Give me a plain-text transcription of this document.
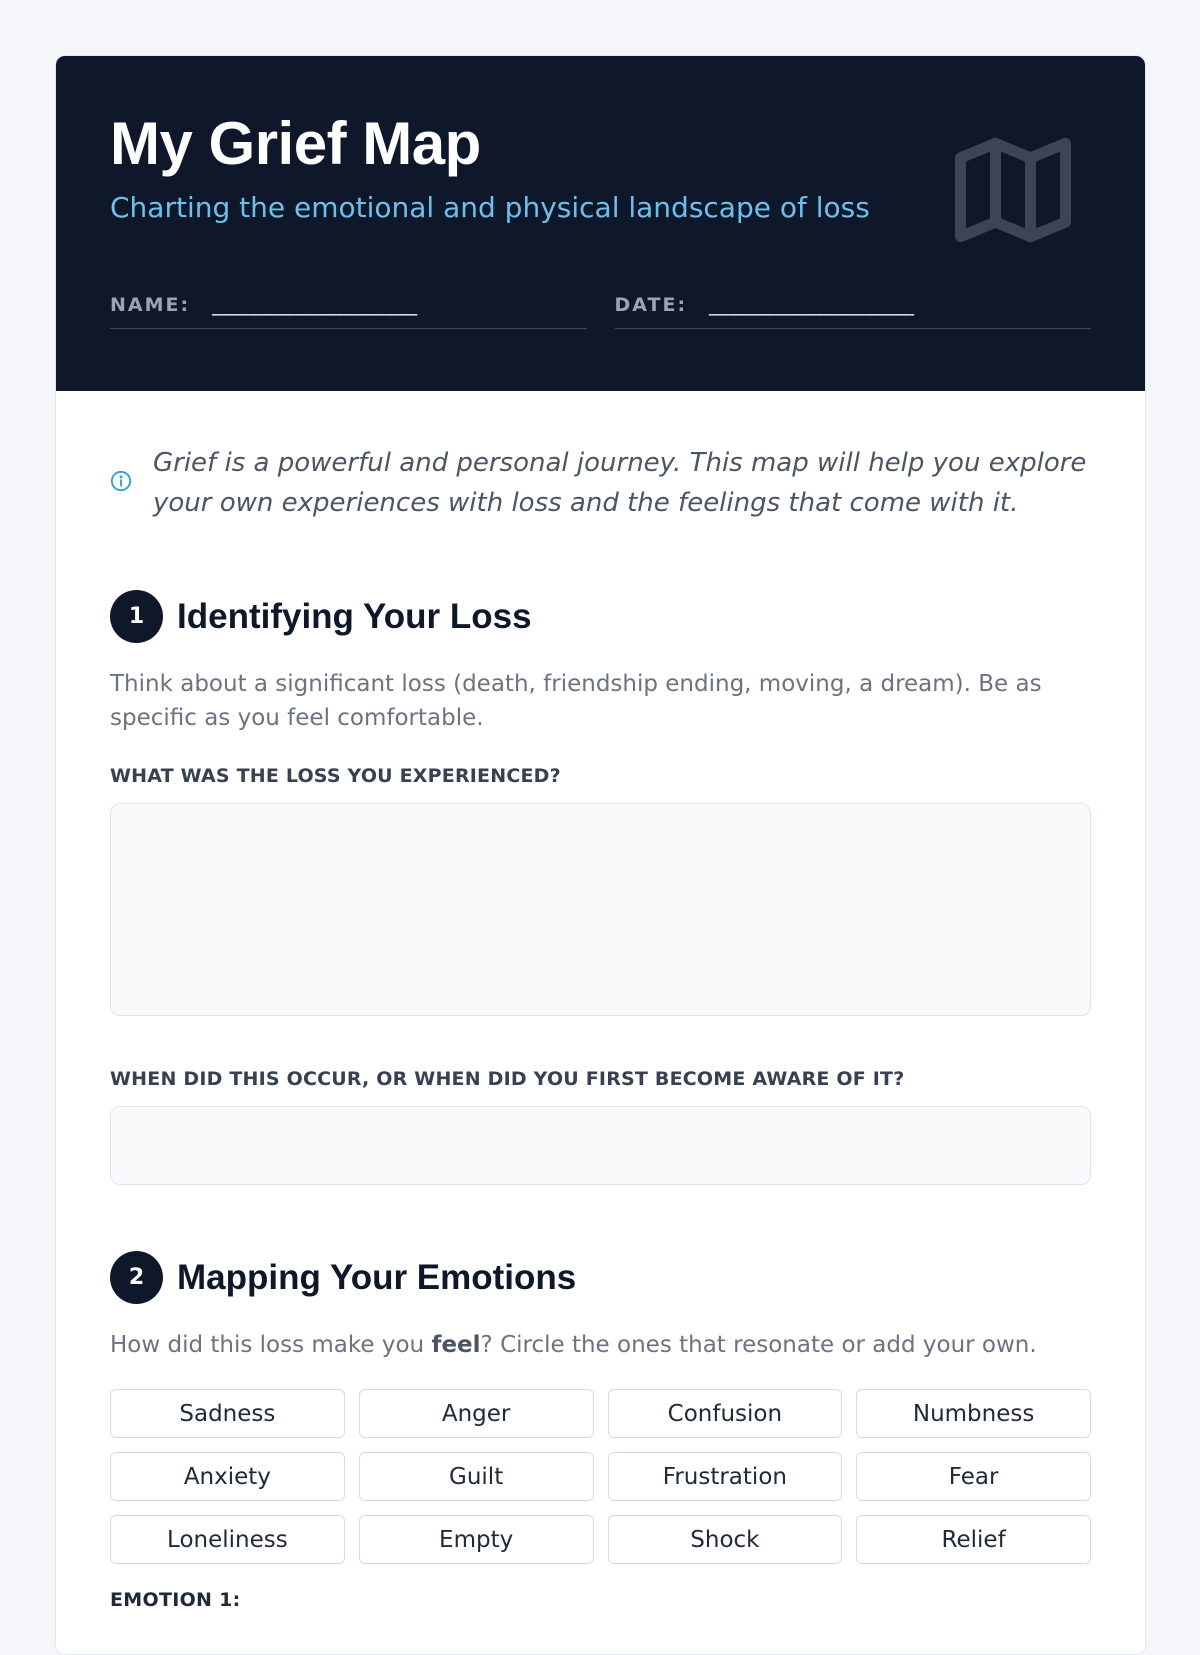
My Grief Map
Charting the emotional and physical landscape of loss
NAME: ________________________	DATE: ________________________
Grief is a powerful and personal journey. This map will help you explore your own experiences with loss and the feelings that come with it.
1 Identifying Your Loss
Think about a significant loss (death, friendship ending, moving, a dream). Be as specific as you feel comfortable.
WHAT WAS THE LOSS YOU EXPERIENCED?
WHEN DID THIS OCCUR, OR WHEN DID YOU FIRST BECOME AWARE OF IT?
2 Mapping Your Emotions
How did this loss make you feel? Circle the ones that resonate or add your own.
Sadness	Anger	Confusion	Numbness
Anxiety	Guilt	Frustration	Fear
Loneliness	Empty	Shock	Relief
EMOTION 1:
